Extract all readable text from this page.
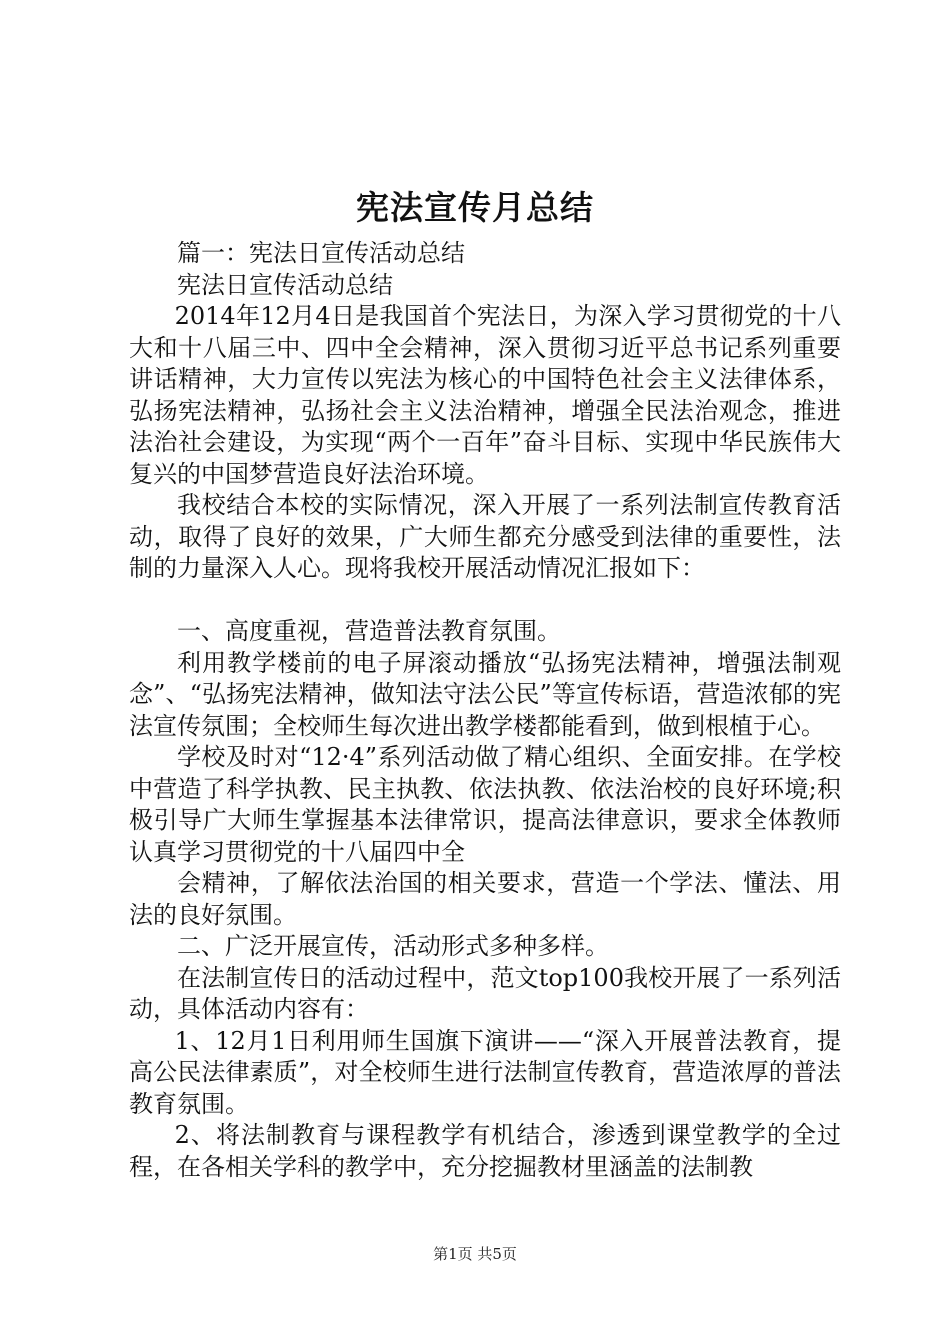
宪法宣传月总结

篇一：宪法日宣传活动总结

宪法日宣传活动总结

2014年12月4日是我国首个宪法日，为深入学习贯彻党的十八大和十八届三中、四中全会精神，深入贯彻习近平总书记系列重要讲话精神，大力宣传以宪法为核心的中国特色社会主义法律体系，弘扬宪法精神，弘扬社会主义法治精神，增强全民法治观念，推进法治社会建设，为实现“两个一百年”奋斗目标、实现中华民族伟大复兴的中国梦营造良好法治环境。

我校结合本校的实际情况，深入开展了一系列法制宣传教育活动，取得了良好的效果，广大师生都充分感受到法律的重要性，法制的力量深入人心。现将我校开展活动情况汇报如下：

一、高度重视，营造普法教育氛围。

利用教学楼前的电子屏滚动播放“弘扬宪法精神，增强法制观念”、“弘扬宪法精神，做知法守法公民”等宣传标语，营造浓郁的宪法宣传氛围；全校师生每次进出教学楼都能看到，做到根植于心。

学校及时对“12·4”系列活动做了精心组织、全面安排。在学校中营造了科学执教、民主执教、依法执教、依法治校的良好环境;积极引导广大师生掌握基本法律常识，提高法律意识，要求全体教师认真学习贯彻党的十八届四中全

会精神，了解依法治国的相关要求，营造一个学法、懂法、用法的良好氛围。

二、广泛开展宣传，活动形式多种多样。

在法制宣传日的活动过程中，范文top100我校开展了一系列活动，具体活动内容有：

1、12月1日利用师生国旗下演讲——“深入开展普法教育，提高公民法律素质”，对全校师生进行法制宣传教育，营造浓厚的普法教育氛围。

2、将法制教育与课程教学有机结合，渗透到课堂教学的全过程，在各相关学科的教学中，充分挖掘教材里涵盖的法制教

第1页 共5页
